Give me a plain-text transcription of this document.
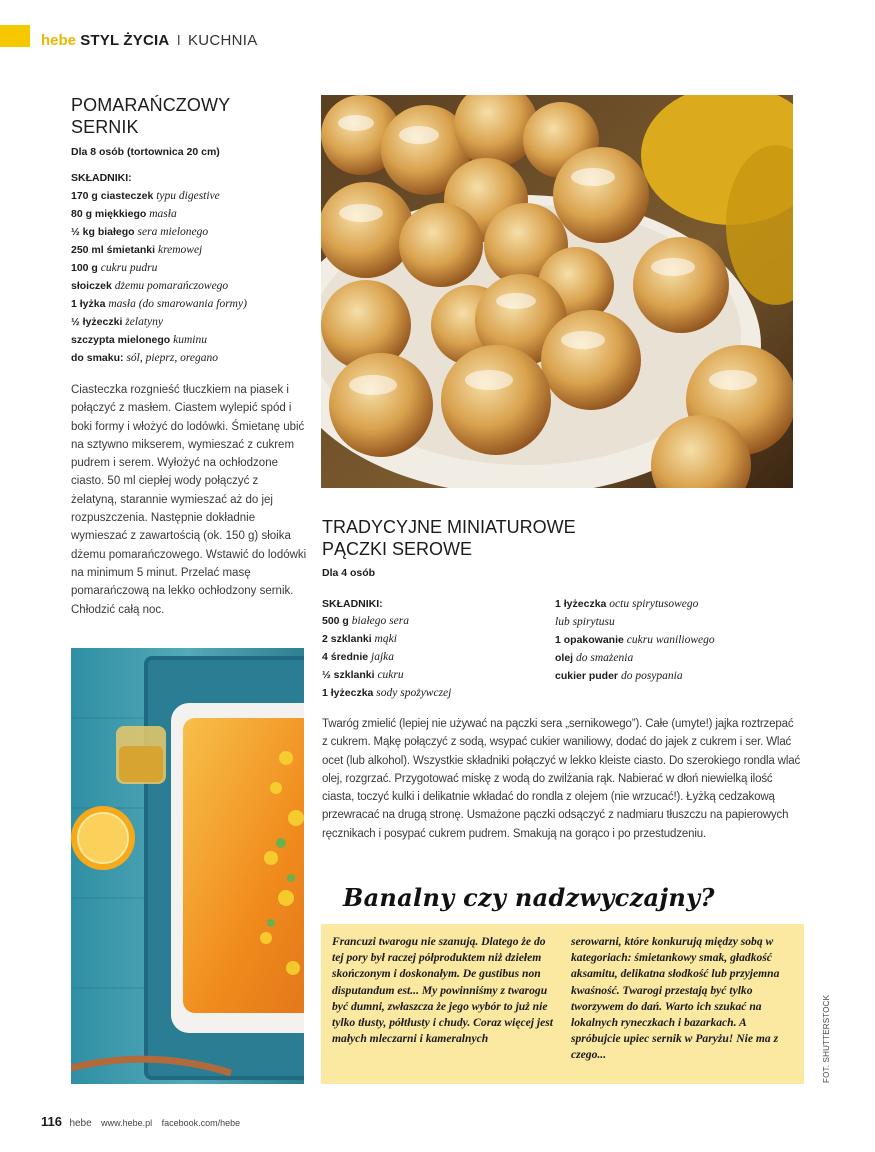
hebe STYL ŻYCIA I KUCHNIA
POMARAŃCZOWY
SERNIK
Dla 8 osób (tortownica 20 cm)
SKŁADNIKI:
170 g ciasteczek typu digestive
80 g miękkiego masła
½ kg białego sera mielonego
250 ml śmietanki kremowej
100 g cukru pudru
słoiczek dżemu pomarańczowego
1 łyżka masła (do smarowania formy)
½ łyżeczki żelatyny
szczypta mielonego kuminu
do smaku: sól, pieprz, oregano
Ciasteczka rozgnieść tłuczkiem na piasek i połączyć z masłem. Ciastem wylepić spód i boki formy i włożyć do lodówki. Śmietanę ubić na sztywno mikserem, wymieszać z cukrem pudrem i serem. Wyłożyć na ochłodzone ciasto. 50 ml ciepłej wody połączyć z żelatyną, starannie wymieszać aż do jej rozpuszczenia. Następnie dokładnie wymieszać z zawartością (ok. 150 g) słoika dżemu pomarańczowego. Wstawić do lodówki na minimum 5 minut. Przelać masę pomarańczową na lekko ochłodzony sernik. Chłodzić całą noc.
TRADYCYJNE MINIATUROWE
PĄCZKI SEROWE
Dla 4 osób
SKŁADNIKI:
500 g białego sera
2 szklanki mąki
4 średnie jajka
½ szklanki cukru
1 łyżeczka sody spożywczej
1 łyżeczka octu spirytusowego
lub spirytusu
1 opakowanie cukru waniliowego
olej do smażenia
cukier puder do posypania
Twaróg zmielić (lepiej nie używać na pączki sera „sernikowego”). Całe (umyte!) jajka roztrzepać z cukrem. Mąkę połączyć z sodą, wsypać cukier waniliowy, dodać do jajek z cukrem i ser. Wlać ocet (lub alkohol). Wszystkie składniki połączyć w lekko kleiste ciasto. Do szerokiego rondla wlać olej, rozgrzać. Przygotować miskę z wodą do zwilżania rąk. Nabierać w dłoń niewielką ilość ciasta, toczyć kulki i delikatnie wkładać do rondla z olejem (nie wrzucać!). Łyżką cedzakową przewracać na drugą stronę. Usmażone pączki odsączyć z nadmiaru tłuszczu na papierowych ręcznikach i posypać cukrem pudrem. Smakują na gorąco i po przestudzeniu.
Banalny czy nadzwyczajny?
Francuzi twarogu nie szanują. Dlatego że do tej pory był raczej półproduktem niż dziełem skończonym i doskonałym. De gustibus non disputandum est... My powinniśmy z twarogu być dumni, zwłaszcza że jego wybór to już nie tylko tłusty, półtłusty i chudy. Coraz więcej jest małych mleczarni i kameralnych
serowarni, które konkurują między sobą w kategoriach: śmietankowy smak, gładkość aksamitu, delikatna słodkość lub przyjemna kwaśność. Twarogi przestają być tylko tworzywem do dań. Warto ich szukać na lokalnych ryneczkach i bazarkach. A spróbujcie upiec sernik w Paryżu! Nie ma z czego...	FOT. SHUTTERSTOCK
116 hebe www.hebe.pl facebook.com/hebe
